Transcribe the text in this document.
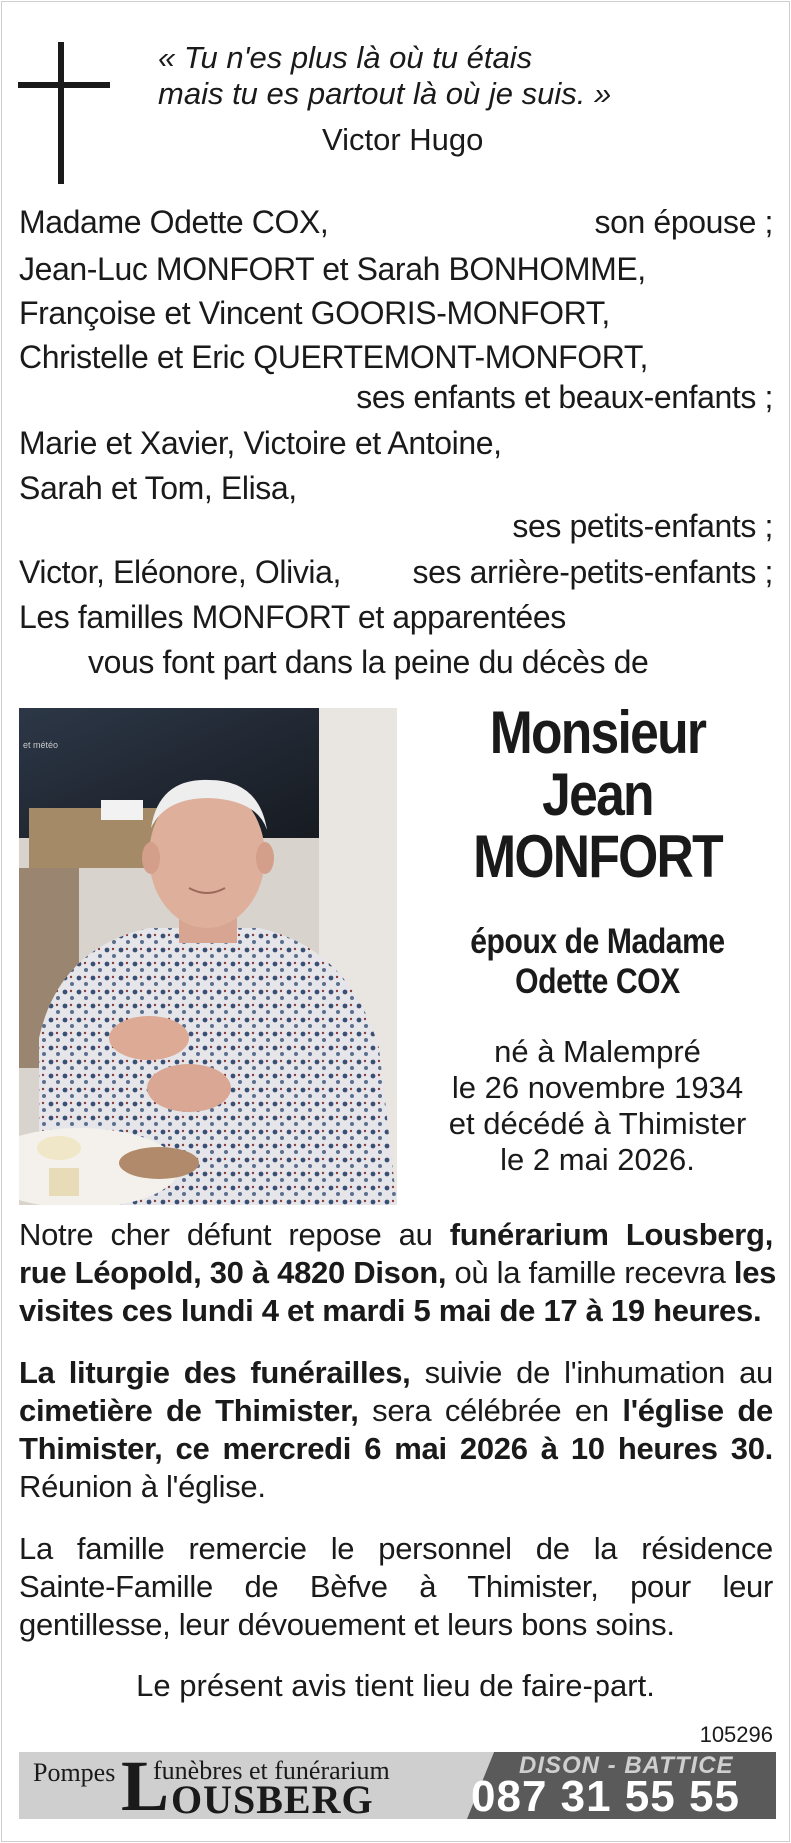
« Tu n'es plus là où tu étais
mais tu es partout là où je suis. »
Victor Hugo
Madame Odette COX,	son épouse ;
Jean-Luc MONFORT et Sarah BONHOMME,
Françoise et Vincent GOORIS-MONFORT,
Christelle et Eric QUERTEMONT-MONFORT,
ses enfants et beaux-enfants ;
Marie et Xavier, Victoire et Antoine,
Sarah et Tom, Elisa,
ses petits-enfants ;
Victor, Eléonore, Olivia, ses arrière-petits-enfants ;
Les familles MONFORT et apparentées
vous font part dans la peine du décès de
et météo	Monsieur
Jean
MONFORT
époux de Madame
Odette COX
né à Malempré
le 26 novembre 1934
et décédé à Thimister
le 2 mai 2026.
Notre cher défunt repose au funérarium Lousberg,
rue Léopold, 30 à 4820 Dison, où la famille recevra les
visites ces lundi 4 et mardi 5 mai de 17 à 19 heures.
La liturgie des funérailles, suivie de l'inhumation au
cimetière de Thimister, sera célébrée en l'église de
Thimister, ce mercredi 6 mai 2026 à 10 heures 30.
Réunion à l'église.
La famille remercie le personnel de la résidence
Sainte-Famille de Bèfve à Thimister, pour leur
gentillesse, leur dévouement et leurs bons soins.
Le présent avis tient lieu de faire-part.
105296
Pompes L
funèbres et funérarium
OUSBERG
DISON - BATTICE
087 31 55 55
